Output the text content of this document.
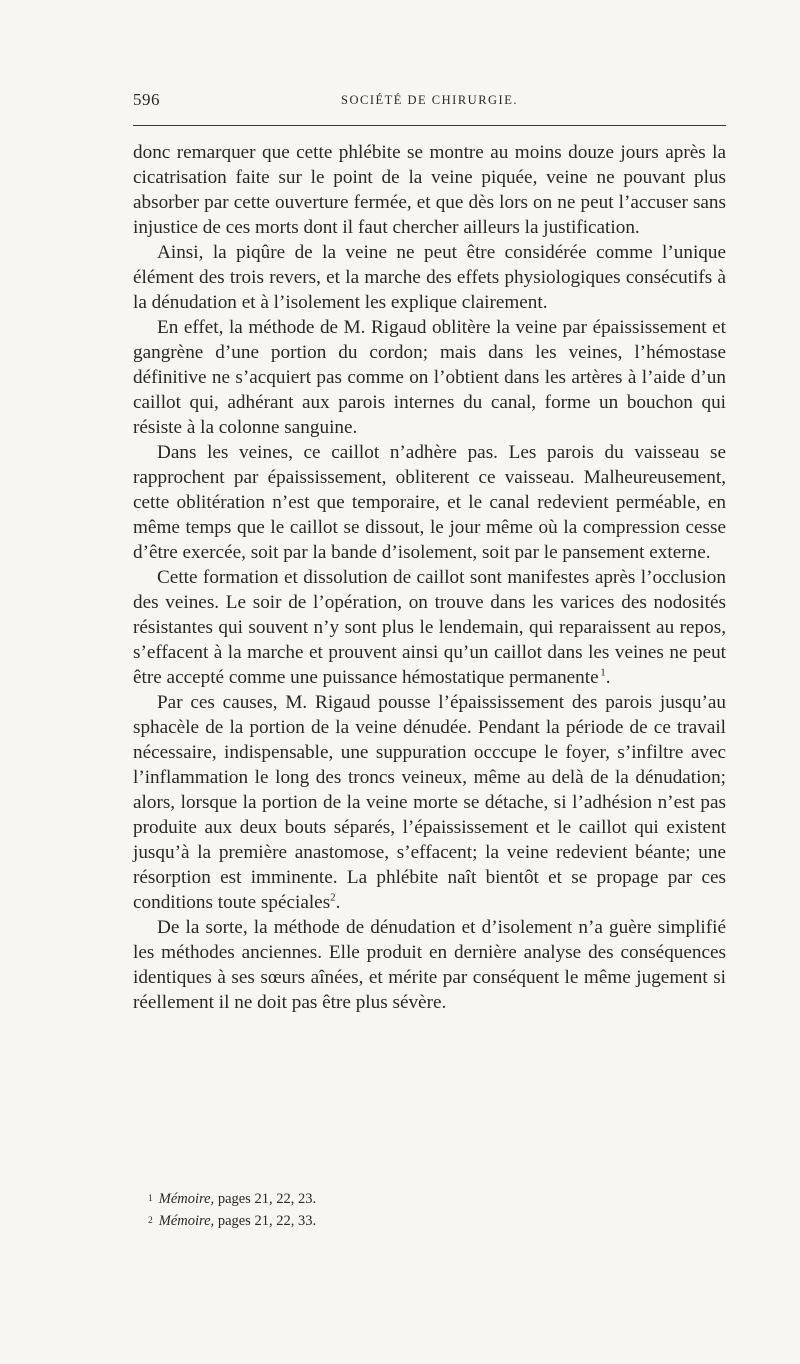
596	SOCIÉTÉ DE CHIRURGIE.

donc remarquer que cette phlébite se montre au moins douze jours après la cicatrisation faite sur le point de la veine piquée, veine ne pouvant plus absorber par cette ouverture fermée, et que dès lors on ne peut l’accuser sans injustice de ces morts dont il faut chercher ailleurs la justification.

Ainsi, la piqûre de la veine ne peut être considérée comme l’unique élément des trois revers, et la marche des effets physiologiques consécutifs à la dénudation et à l’isolement les explique clairement.

En effet, la méthode de M. Rigaud oblitère la veine par épaississement et gangrène d’une portion du cordon; mais dans les veines, l’hémostase définitive ne s’acquiert pas comme on l’obtient dans les artères à l’aide d’un caillot qui, adhérant aux parois internes du canal, forme un bouchon qui résiste à la colonne sanguine.

Dans les veines, ce caillot n’adhère pas. Les parois du vaisseau se rapprochent par épaississement, obliterent ce vaisseau. Malheureusement, cette oblitération n’est que temporaire, et le canal redevient perméable, en même temps que le caillot se dissout, le jour même où la compression cesse d’être exercée, soit par la bande d’isolement, soit par le pansement externe.

Cette formation et dissolution de caillot sont manifestes après l’occlusion des veines. Le soir de l’opération, on trouve dans les varices des nodosités résistantes qui souvent n’y sont plus le lendemain, qui reparaissent au repos, s’effacent à la marche et prouvent ainsi qu’un caillot dans les veines ne peut être accepté comme une puissance hémostatique permanente  $^1$.

Par ces causes, M. Rigaud pousse l’épaississement des parois jusqu’au sphacèle de la portion de la veine dénudée. Pendant la période de ce travail nécessaire, indispensable, une suppuration occcupe le foyer, s’infiltre avec l’inflammation le long des troncs veineux, même au delà de la dénudation; alors, lorsque la portion de la veine morte se détache, si l’adhésion n’est pas produite aux deux bouts séparés, l’épaississement et le caillot qui existent jusqu’à la première anastomose, s’effacent; la veine redevient béante; une résorption est imminente. La phlébite naît bientôt et se propage par ces conditions toute spéciales$^2$.

De la sorte, la méthode de dénudation et d’isolement n’a guère simplifié les méthodes anciennes. Elle produit en dernière analyse des conséquences identiques à ses sœurs aînées, et mérite par conséquent le même jugement si réellement il ne doit pas être plus sévère.

1 Mémoire, pages 21, 22, 23.

2 Mémoire, pages 21, 22, 33.
